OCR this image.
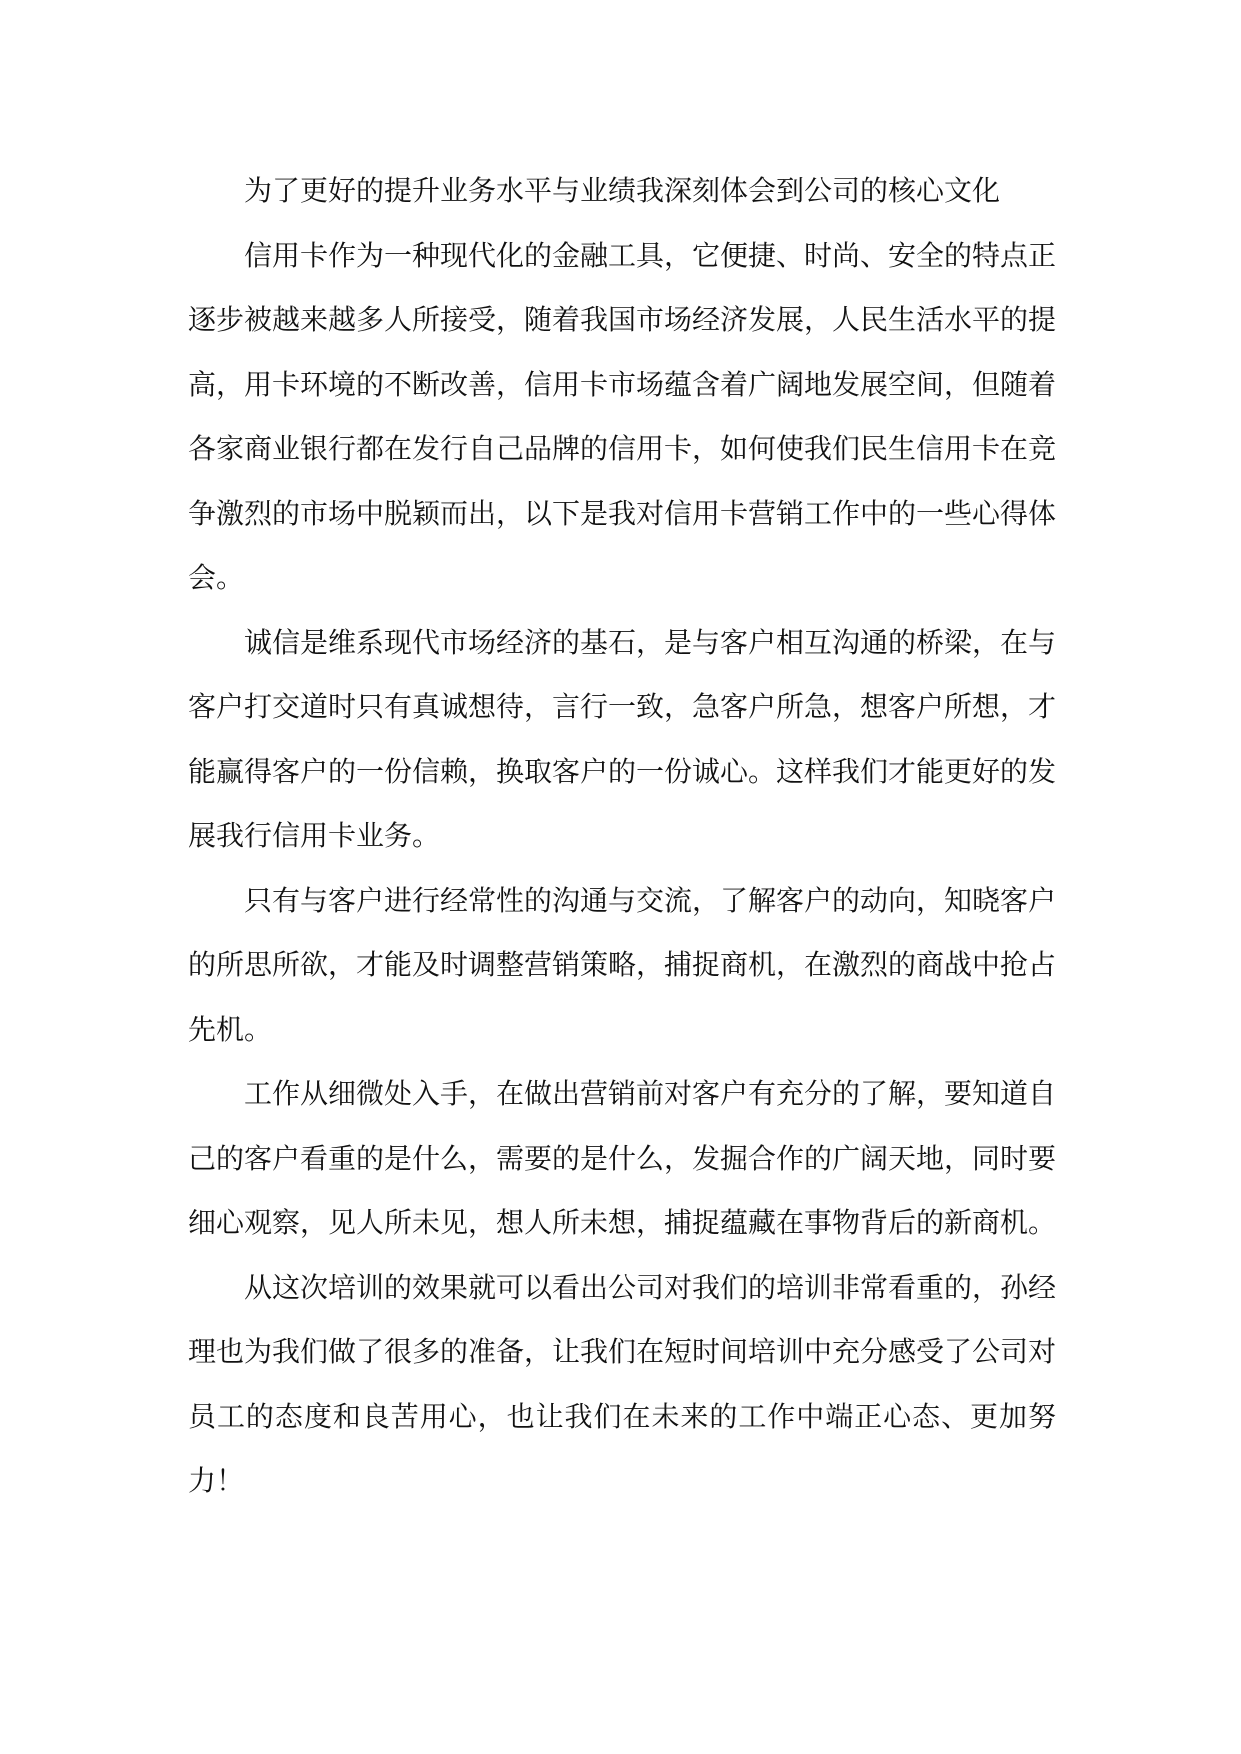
为了更好的提升业务水平与业绩我深刻体会到公司的核心文化

信用卡作为一种现代化的金融工具，它便捷、时尚、安全的特点正逐步被越来越多人所接受，随着我国市场经济发展，人民生活水平的提高，用卡环境的不断改善，信用卡市场蕴含着广阔地发展空间，但随着各家商业银行都在发行自己品牌的信用卡，如何使我们民生信用卡在竞争激烈的市场中脱颖而出，以下是我对信用卡营销工作中的一些心得体会。

诚信是维系现代市场经济的基石，是与客户相互沟通的桥梁，在与客户打交道时只有真诚想待，言行一致，急客户所急，想客户所想，才能赢得客户的一份信赖，换取客户的一份诚心。这样我们才能更好的发展我行信用卡业务。

只有与客户进行经常性的沟通与交流，了解客户的动向，知晓客户的所思所欲，才能及时调整营销策略，捕捉商机，在激烈的商战中抢占先机。

工作从细微处入手，在做出营销前对客户有充分的了解，要知道自己的客户看重的是什么，需要的是什么，发掘合作的广阔天地，同时要细心观察，见人所未见，想人所未想，捕捉蕴藏在事物背后的新商机。

从这次培训的效果就可以看出公司对我们的培训非常看重的，孙经理也为我们做了很多的准备，让我们在短时间培训中充分感受了公司对员工的态度和良苦用心，也让我们在未来的工作中端正心态、更加努力！
